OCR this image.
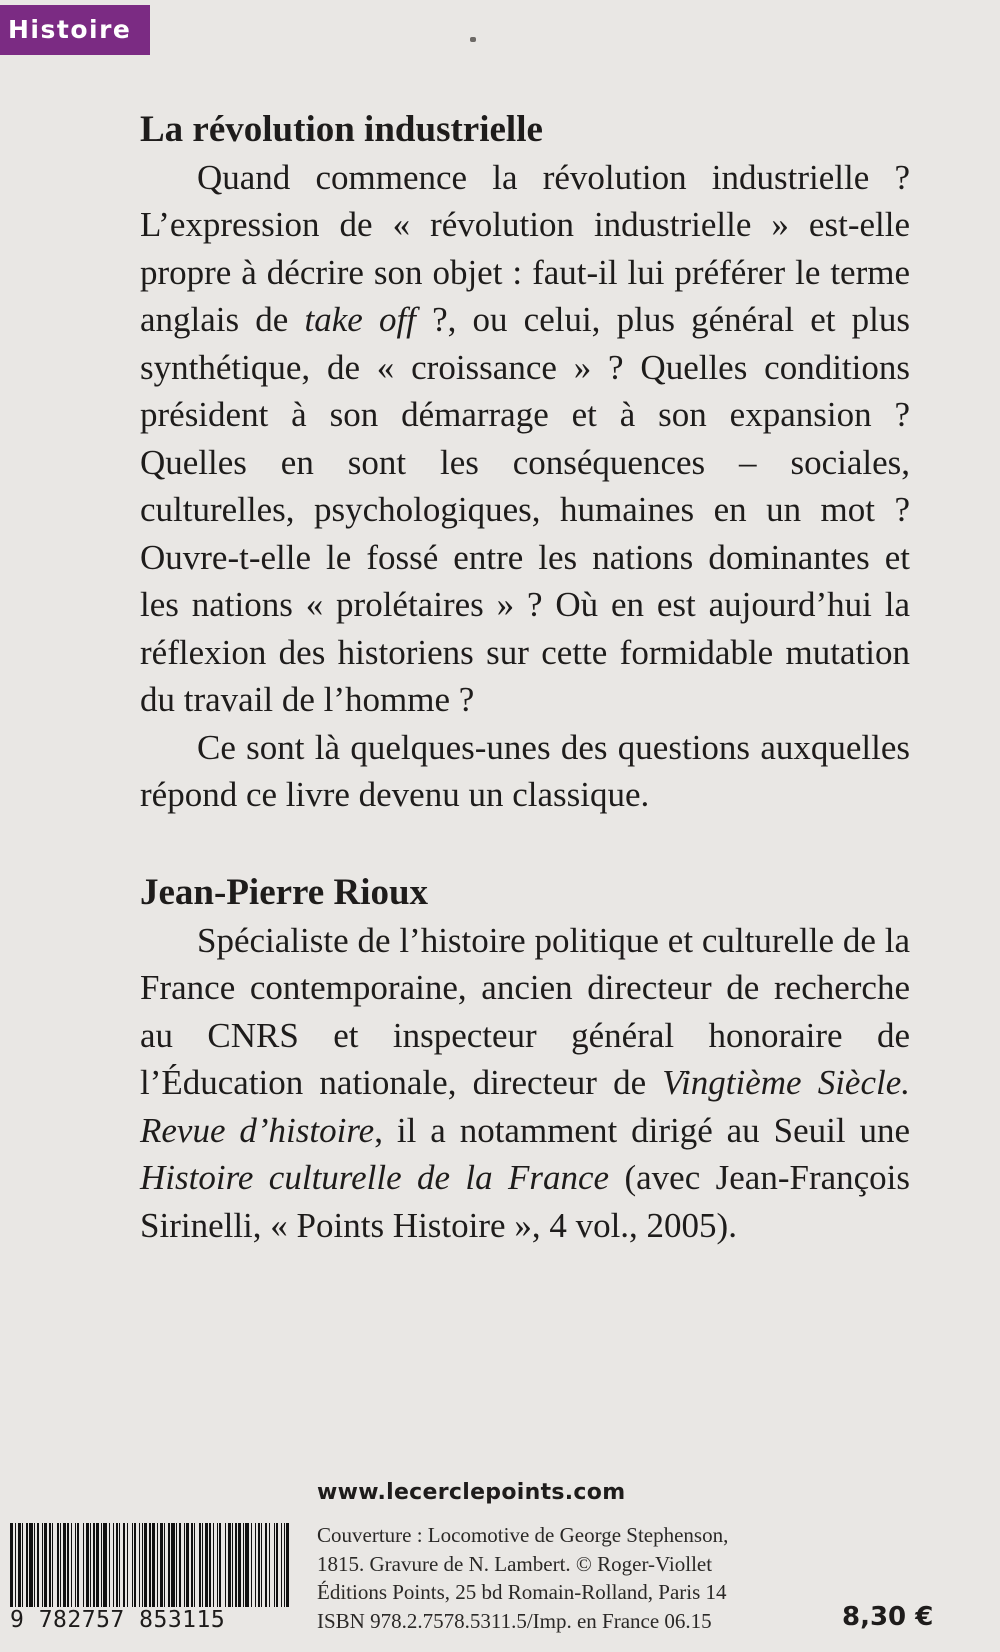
Histoire
La révolution industrielle

Quand commence la révolution industrielle ? L’expression de « révolution industrielle » est-elle propre à décrire son objet : faut-il lui préférer le terme anglais de take off ?, ou celui, plus général et plus synthétique, de « croissance » ? Quelles conditions président à son démarrage et à son expansion ? Quelles en sont les conséquences – sociales, culturelles, psychologiques, humaines en un mot ? Ouvre-t-elle le fossé entre les nations dominantes et les nations « prolétaires » ? Où en est aujourd’hui la réflexion des historiens sur cette formidable mutation du travail de l’homme ?

Ce sont là quelques-unes des questions auxquelles répond ce livre devenu un classique.

Jean-Pierre Rioux

Spécialiste de l’histoire politique et culturelle de la France contemporaine, ancien directeur de recherche au CNRS et inspecteur général honoraire de l’Éducation nationale, directeur de Vingtième Siècle. Revue d’histoire, il a notamment dirigé au Seuil une Histoire culturelle de la France (avec Jean-François Sirinelli, « Points Histoire », 4 vol., 2005).

www.lecerclepoints.com
9 782757 853115
Couverture : Locomotive de George Stephenson,
1815. Gravure de N. Lambert. © Roger-Viollet
Éditions Points, 25 bd Romain-Rolland, Paris 14
ISBN 978.2.7578.5311.5/Imp. en France 06.15	8,30 €
